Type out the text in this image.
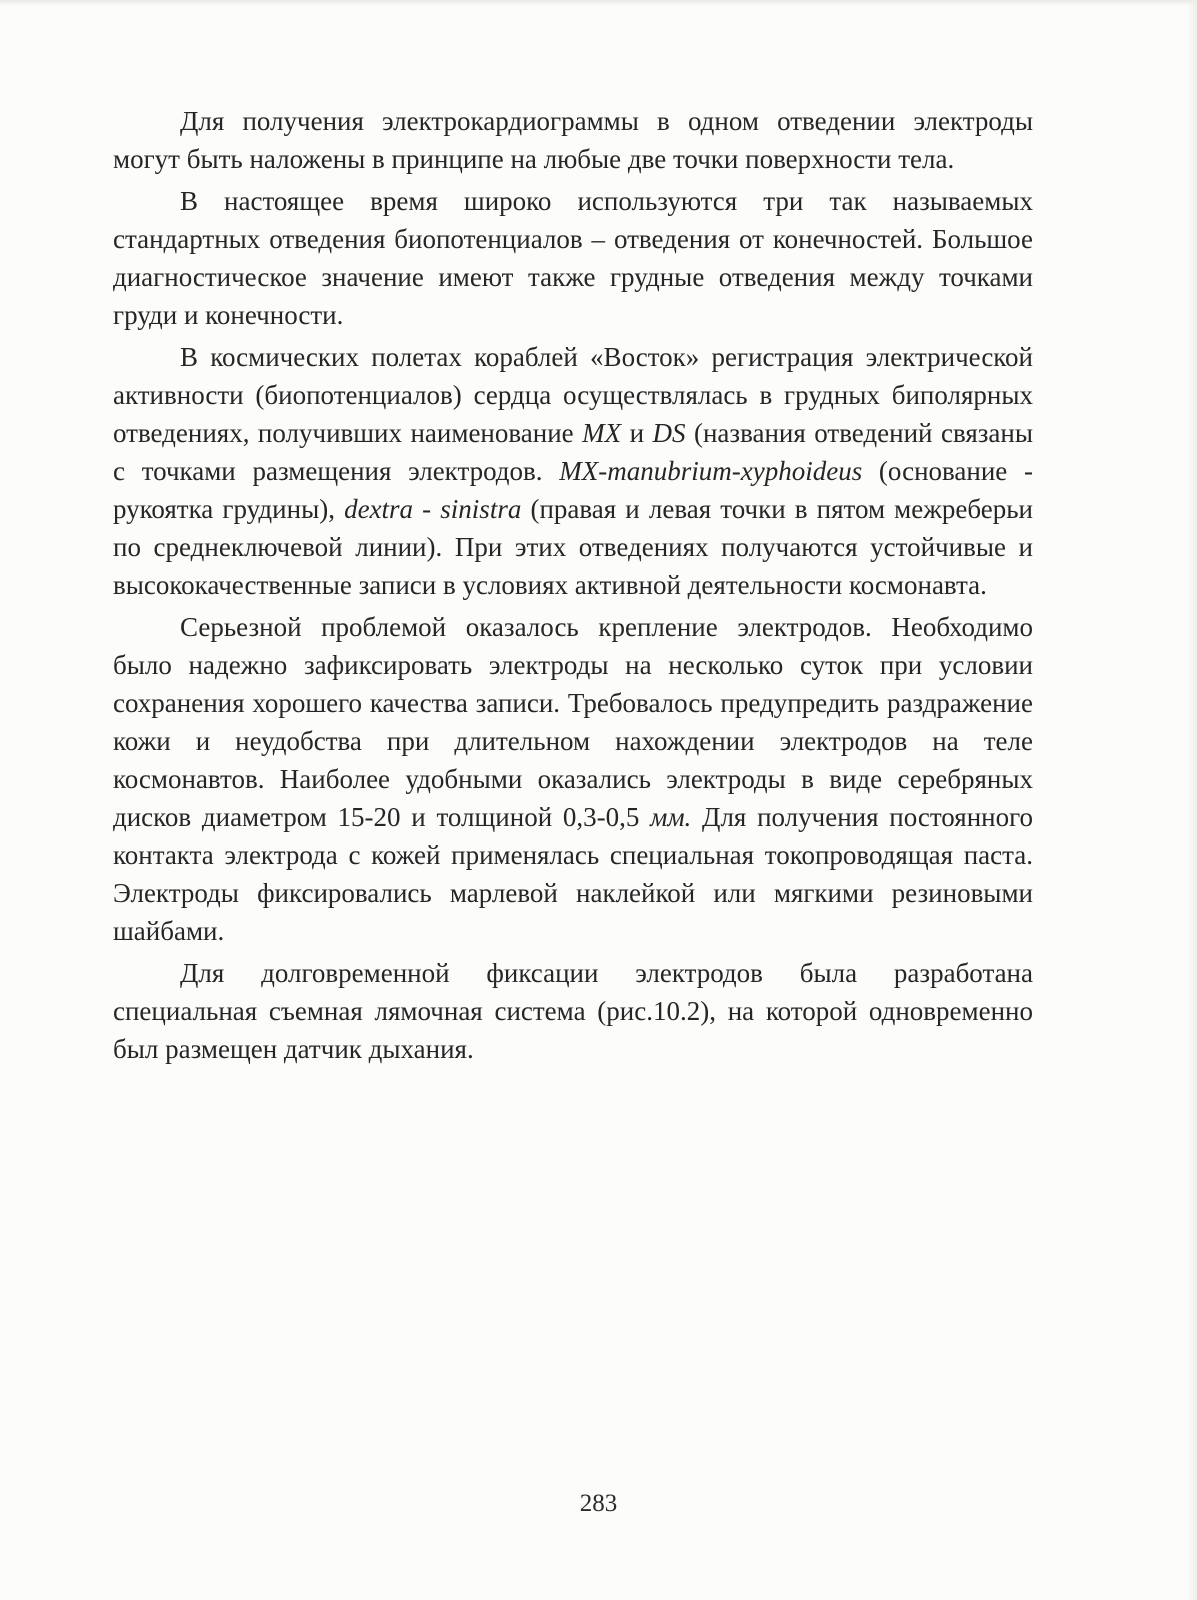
Для получения электрокардиограммы в одном отведении электроды могут быть наложены в принципе на любые две точки поверхности тела.

В настоящее время широко используются три так называемых стандартных отведения биопотенциалов – отведения от конечностей. Большое диагностическое значение имеют также грудные отведения между точками груди и конечности.

В космических полетах кораблей «Восток» регистрация электрической активности (биопотенциалов) сердца осуществлялась в грудных биполярных отведениях, получивших наименование MX и DS (названия отведений связаны с точками размещения электродов. MX-manubrium-xyphoideus (основание - рукоятка грудины), dextra - sinistra (правая и левая точки в пятом межреберьи по среднеключевой линии). При этих отведениях получаются устойчивые и высококачественные записи в условиях активной деятельности космонавта.

Серьезной проблемой оказалось крепление электродов. Необходимо было надежно зафиксировать электроды на несколько суток при условии сохранения хорошего качества записи. Требовалось предупредить раздражение кожи и неудобства при длительном нахождении электродов на теле космонавтов. Наиболее удобными оказались электроды в виде серебряных дисков диаметром 15-20 и толщиной 0,3-0,5 мм. Для получения постоянного контакта электрода с кожей применялась специальная токопроводящая паста. Электроды фиксировались марлевой наклейкой или мягкими резиновыми шайбами.

Для долговременной фиксации электродов была разработана специальная съемная лямочная система (рис.10.2), на которой одновременно был размещен датчик дыхания.

283
